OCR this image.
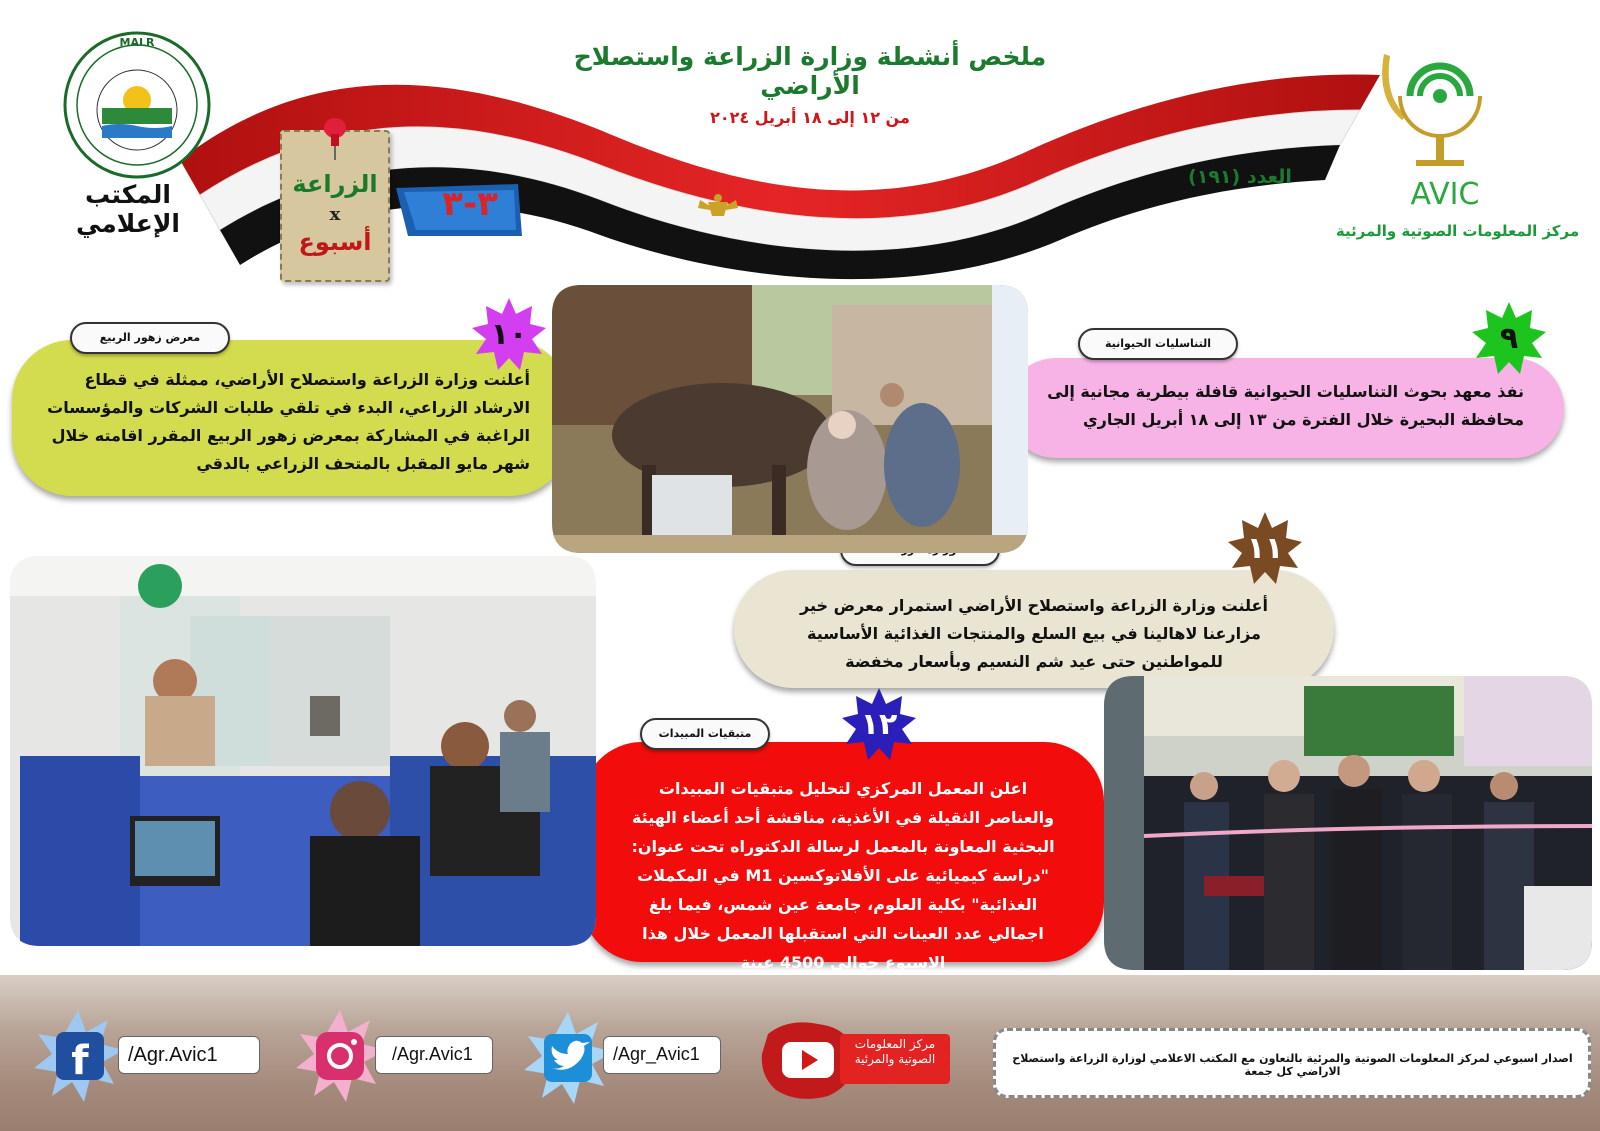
ملخص أنشطة وزارة الزراعة واستصلاح الأراضي
من ١٢ إلى ١٨ أبريل ٢٠٢٤
العدد (١٩١)
MALR
المكتب الإعلامي
AVIC
مركز المعلومات الصوتية والمرئية
الزراعة
x
أسبوع
٣-٣
نفذ معهد بحوث التناسليات الحيوانية قافلة بيطرية مجانية إلى محافظة البحيرة خلال الفترة من ١٣ إلى ١٨ أبريل الجاري
التناسليات الحيوانية	٩
أعلنت وزارة الزراعة واستصلاح الأراضي، ممثلة في قطاع الارشاد الزراعي، البدء في تلقي طلبات الشركات والمؤسسات الراغبة في المشاركة بمعرض زهور الربيع المقرر اقامته خلال شهر مايو المقبل بالمتحف الزراعي بالدقي
معرض زهور الربيع	١٠
أعلنت وزارة الزراعة واستصلاح الأراضي استمرار معرض خير مزارعنا لاهالينا في بيع السلع والمنتجات الغذائية الأساسية للمواطنين حتى عيد شم النسيم وبأسعار مخفضة
١١
اعلن المعمل المركزي لتحليل متبقيات المبيدات والعناصر الثقيلة في الأغذية، مناقشة أحد أعضاء الهيئة البحثية المعاونة بالمعمل لرسالة الدكتوراه تحت عنوان: "دراسة كيميائية على الأفلاتوكسين M1 في المكملات الغذائية" بكلية العلوم، جامعة عين شمس، فيما بلغ اجمالي عدد العينات التي استقبلها المعمل خلال هذا الاسبوع حوالي 4500 عينة
متبقيات المبيدات	١٢
f /Agr.Avic1	/Agr.Avic1	/Agr_Avic1	مركز المعلومات الصوتية والمرئية	اصدار اسبوعي لمركز المعلومات الصوتية والمرئية بالتعاون مع المكتب الاعلامي لوزارة الزراعة واستصلاح الاراضي كل جمعة
